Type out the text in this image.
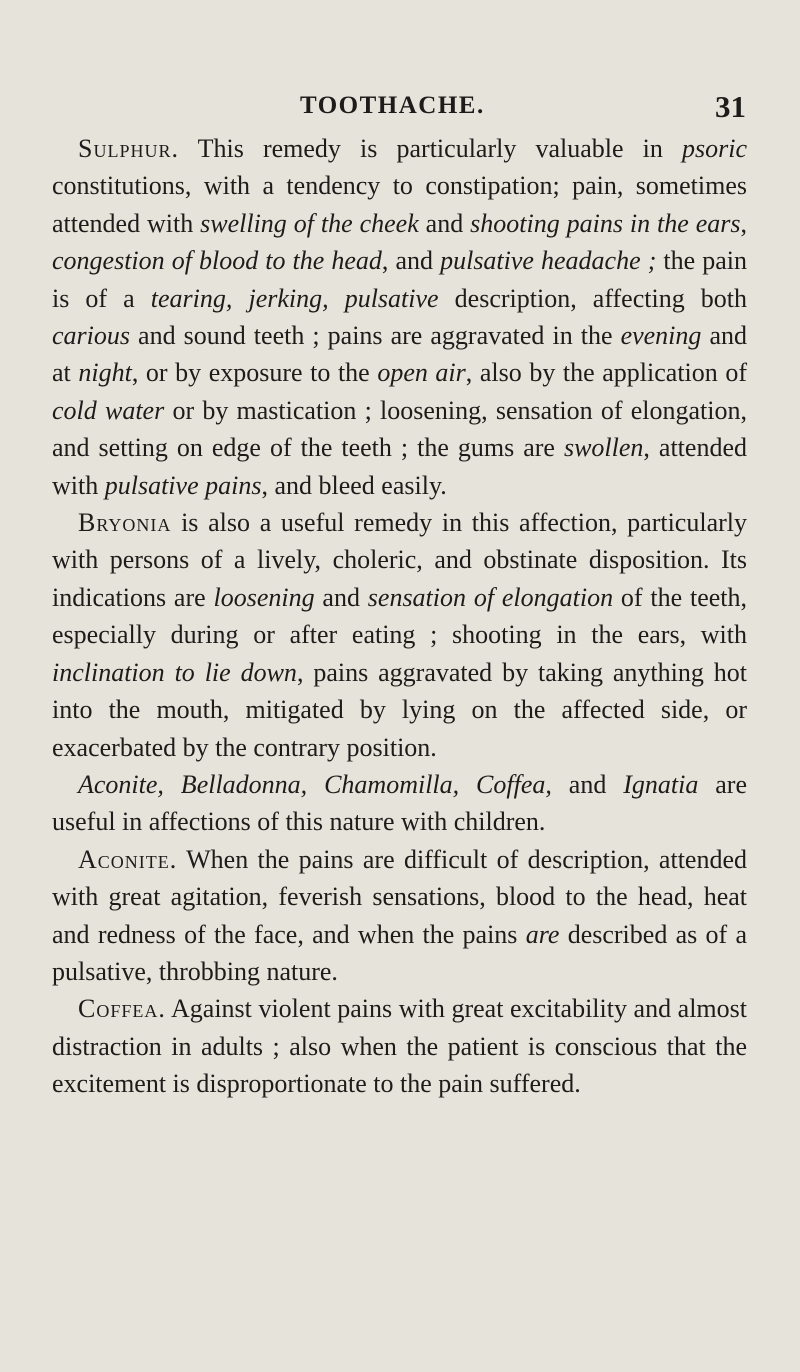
TOOTHACHE.	31

Sulphur. This remedy is particularly valuable in psoric constitutions, with a tendency to constipation; pain, sometimes attended with swelling of the cheek and shooting pains in the ears, congestion of blood to the head, and pulsative headache ; the pain is of a tearing, jerking, pulsative description, affecting both carious and sound teeth ; pains are aggravated in the evening and at night, or by exposure to the open air, also by the application of cold water or by mastication ; loosening, sensation of elongation, and setting on edge of the teeth ; the gums are swollen, attended with pulsative pains, and bleed easily.

Bryonia is also a useful remedy in this affection, particularly with persons of a lively, choleric, and obstinate disposition. Its indications are loosening and sensation of elongation of the teeth, especially during or after eating ; shooting in the ears, with inclination to lie down, pains aggravated by taking anything hot into the mouth, mitigated by lying on the affected side, or exacerbated by the contrary position.

Aconite, Belladonna, Chamomilla, Coffea, and Ignatia are useful in affections of this nature with children.

Aconite. When the pains are difficult of description, attended with great agitation, feverish sensations, blood to the head, heat and redness of the face, and when the pains are described as of a pulsative, throbbing nature.

Coffea. Against violent pains with great excitability and almost distraction in adults ; also when the patient is conscious that the excitement is disproportionate to the pain suffered.
